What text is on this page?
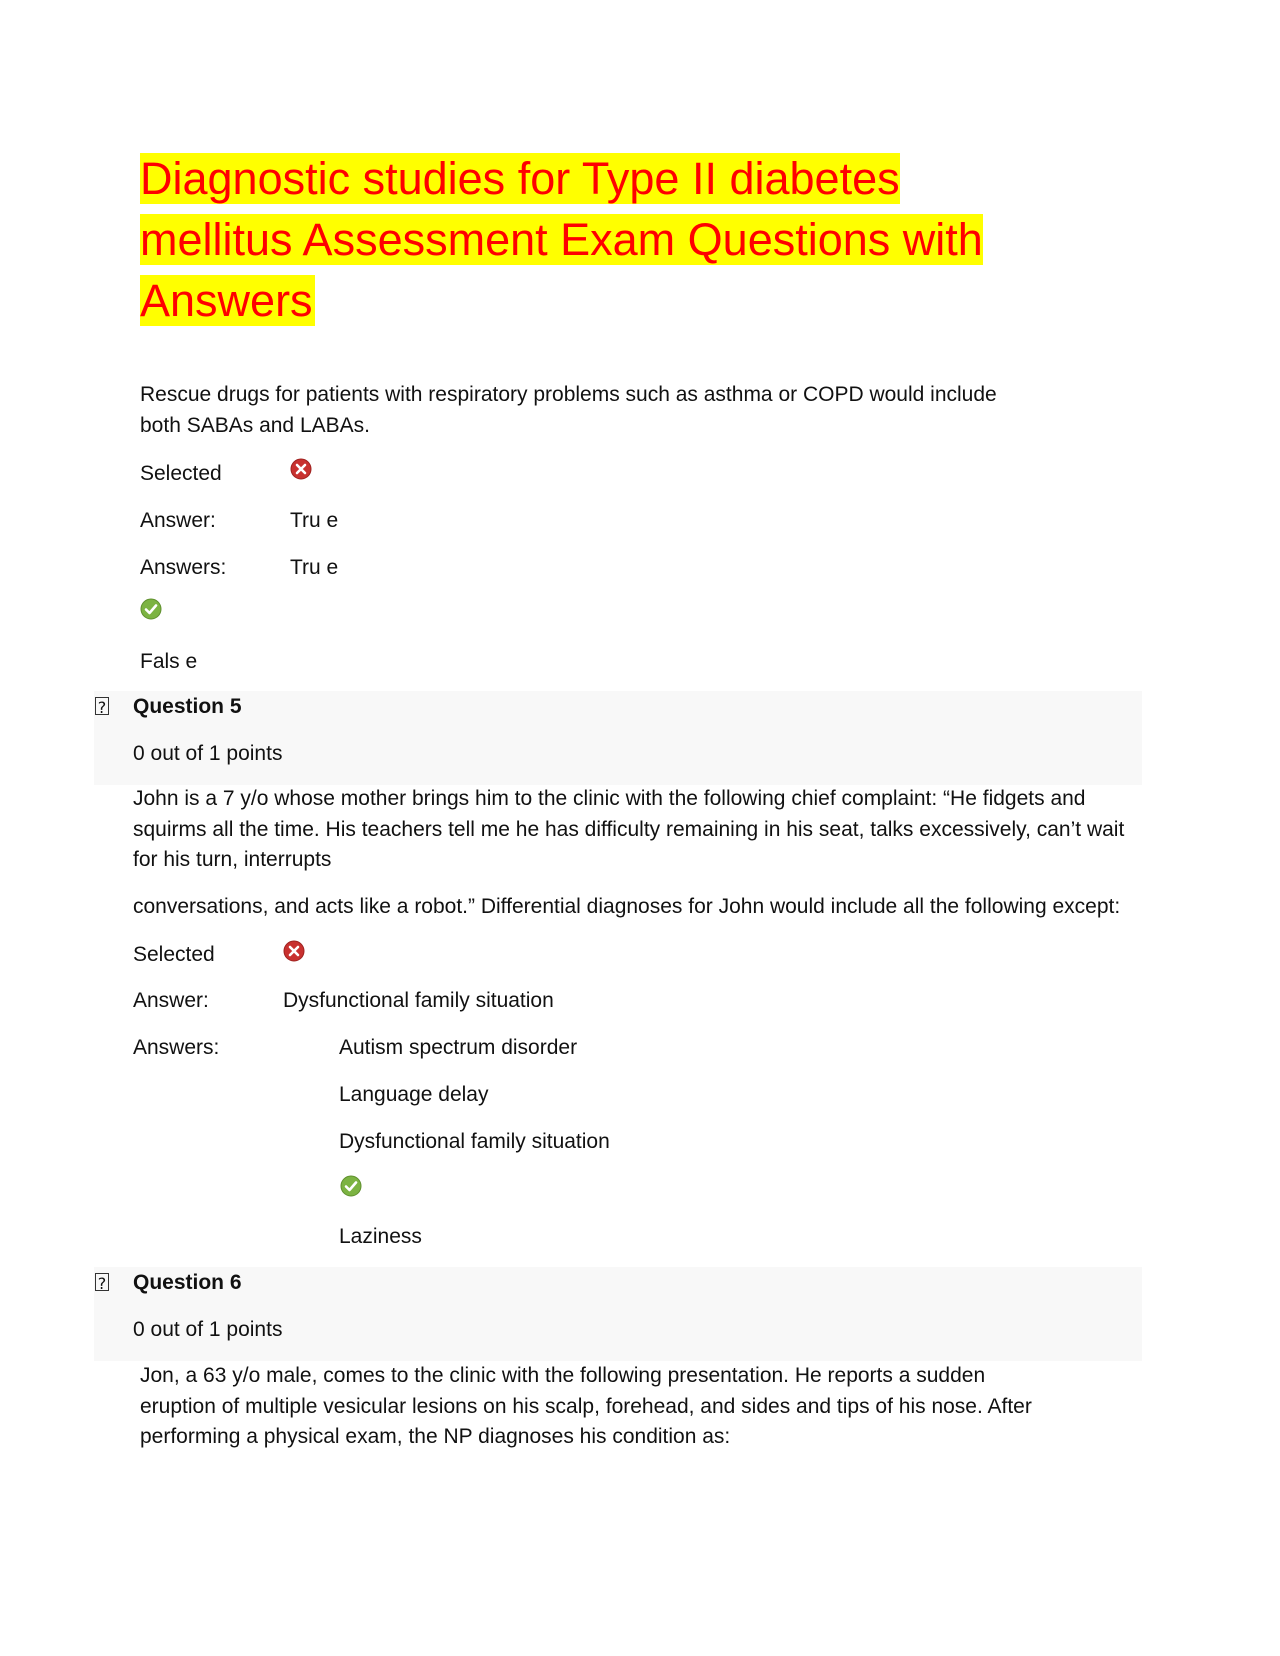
Diagnostic studies for Type II diabetes mellitus Assessment Exam Questions with Answers
Rescue drugs for patients with respiratory problems such as asthma or COPD would include both SABAs and LABAs.
Selected
Answer:	Tru e
Answers:	Tru e
Fals e
? Question 5
0 out of 1 points
John is a 7 y/o whose mother brings him to the clinic with the following chief complaint: “He fidgets and squirms all the time. His teachers tell me he has difficulty remaining in his seat, talks excessively, can’t wait for his turn, interrupts
conversations, and acts like a robot.” Differential diagnoses for John would include all the following except:
Selected
Answer:	Dysfunctional family situation
Answers:	Autism spectrum disorder
Language delay
Dysfunctional family situation
Laziness
? Question 6
0 out of 1 points
Jon, a 63 y/o male, comes to the clinic with the following presentation. He reports a sudden eruption of multiple vesicular lesions on his scalp, forehead, and sides and tips of his nose. After performing a physical exam, the NP diagnoses his condition as:
